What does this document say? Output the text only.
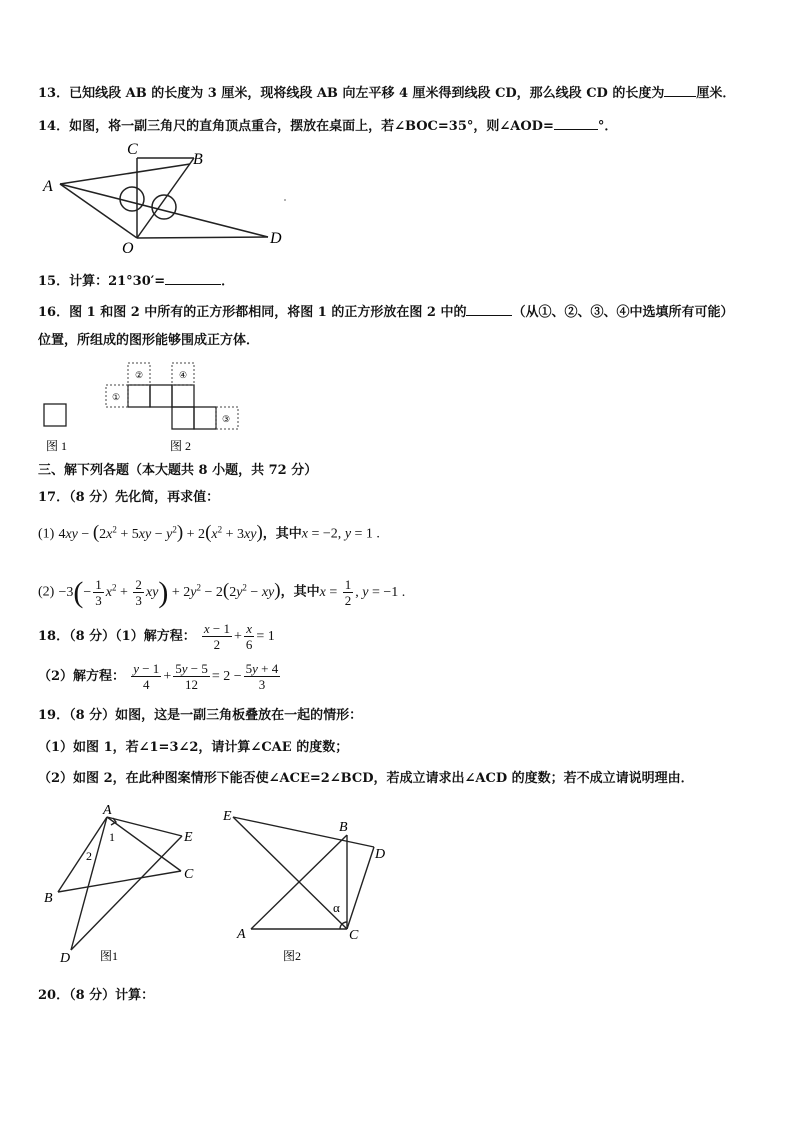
13．已知线段 AB 的长度为 3 厘米，现将线段 AB 向左平移 4 厘米得到线段 CD，那么线段 CD 的长度为 厘米．
14．如图，将一副三角尺的直角顶点重合，摆放在桌面上，若∠BOC=35°，则∠AOD=	°．
A
B
C
D
O
15．计算：21°30′=	．
16．图 1 和图 2 中所有的正方形都相同，将图 1 的正方形放在图 2 中的	（从①、②、③、④中选填所有可能）
位置，所组成的图形能够围成正方体．
图 1
①
②	④
③
图 2
三、解下列各题（本大题共 8 小题，共 72 分）
17．（8 分）先化简，再求值：
(1) $4xy - (2x^2 + 5xy - y^2) + 2(x^2 + 3xy)$，其中x = −2, y = 1 .
$(2) -3(- \frac{1}{3} x^2 + \frac{2}{3} xy) + 2y^2 - 2(2y^2 - xy)$，其中$x = \frac{1}{2}$ , y = −1 .
18．（8 分）（1）解方程： $\frac{x - 1}{2} + \frac{x}{6} = 1$
（2）解方程： $\frac{y - 1}{4} + \frac{5y - 5}{12} = 2 - \frac{5y + 4}{3}$
19．（8 分）如图，这是一副三角板叠放在一起的情形：
（1）如图 1，若∠1=3∠2，请计算∠CAE 的度数；
（2）如图 2，在此种图案情形下能否使∠ACE=2∠BCD，若成立请求出∠ACD 的度数；若不成立请说明理由．
A
B
C
D
E
1
2
图1
E
A
B
C
D
α
图2
20．（8 分）计算：
